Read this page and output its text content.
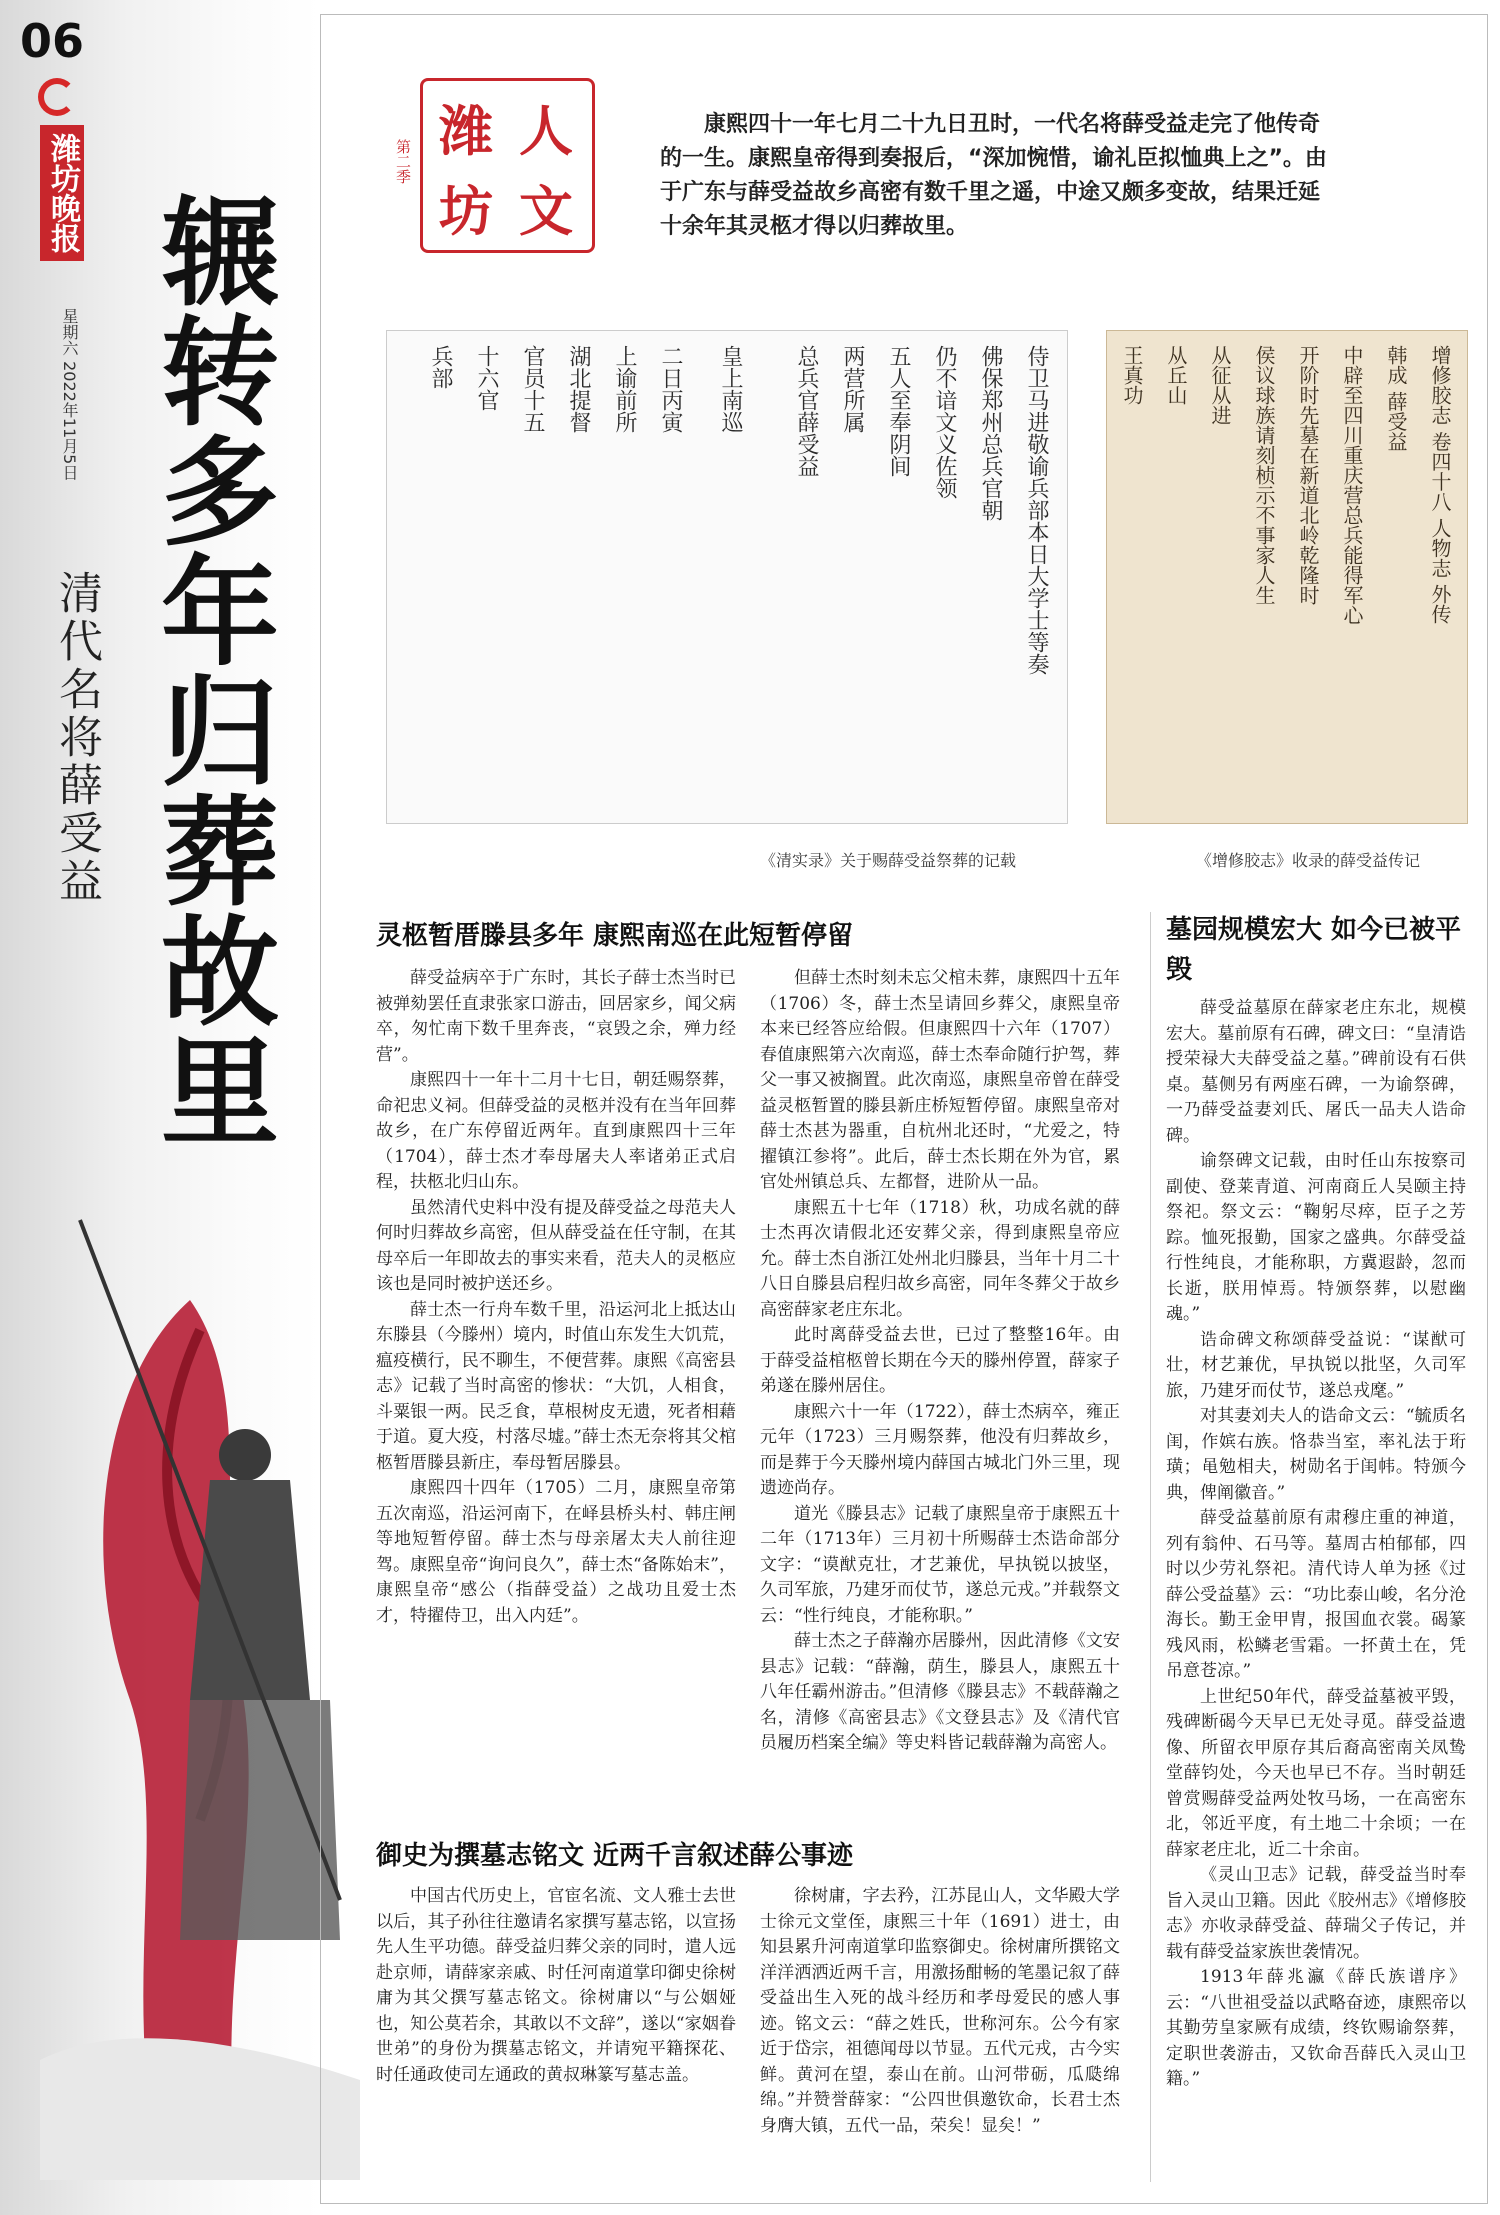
06
潍坊晚报
星期六 2022年11月5日 辗转多年归葬故里
清代名将薛受益
潍 人
坊 文
第二季
康熙四十一年七月二十九日丑时，一代名将薛受益走完了他传奇的一生。康熙皇帝得到奏报后，“深加惋惜，谕礼臣拟恤典上之”。由于广东与薛受益故乡高密有数千里之遥，中途又颇多变故，结果迁延十余年其灵柩才得以归葬故里。
侍卫马进敬谕兵部本日大学士等奏
佛保郑州总兵官朝
仍不谙文义佐领
五人至奉阴间
两营所属
总兵官薛受益
皇上南巡
二日丙寅
上谕前所
湖北提督
官员十五
十六官
兵部	增修胶志 卷四十八 人物志 外传
韩成 薛受益
中辟至四川重庆营总兵能得军心
开阶时先墓在新道北岭乾隆时
侯议球族请刻桢示不事家人生
从征从进
从丘山
王真功
《清实录》关于赐薛受益祭葬的记载	《增修胶志》收录的薛受益传记
灵柩暂厝滕县多年 康熙南巡在此短暂停留

薛受益病卒于广东时，其长子薛士杰当时已被弹劾罢任直隶张家口游击，回居家乡，闻父病卒，匆忙南下数千里奔丧，“哀毁之余，殚力经营”。

康熙四十一年十二月十七日，朝廷赐祭葬，命祀忠义祠。但薛受益的灵柩并没有在当年回葬故乡，在广东停留近两年。直到康熙四十三年（1704），薛士杰才奉母屠夫人率诸弟正式启程，扶柩北归山东。

虽然清代史料中没有提及薛受益之母范夫人何时归葬故乡高密，但从薛受益在任守制，在其母卒后一年即故去的事实来看，范夫人的灵柩应该也是同时被护送还乡。

薛士杰一行舟车数千里，沿运河北上抵达山东滕县（今滕州）境内，时值山东发生大饥荒，瘟疫横行，民不聊生，不便营葬。康熙《高密县志》记载了当时高密的惨状：“大饥，人相食，斗粟银一两。民乏食，草根树皮无遗，死者相藉于道。夏大疫，村落尽墟。”薛士杰无奈将其父棺柩暂厝滕县新庄，奉母暂居滕县。

康熙四十四年（1705）二月，康熙皇帝第五次南巡，沿运河南下，在峄县桥头村、韩庄闸等地短暂停留。薛士杰与母亲屠太夫人前往迎驾。康熙皇帝“询问良久”，薛士杰“备陈始末”，康熙皇帝“感公（指薛受益）之战功且爱士杰才，特擢侍卫，出入内廷”。

但薛士杰时刻未忘父棺未葬，康熙四十五年（1706）冬，薛士杰呈请回乡葬父，康熙皇帝本来已经答应给假。但康熙四十六年（1707）春值康熙第六次南巡，薛士杰奉命随行护驾，葬父一事又被搁置。此次南巡，康熙皇帝曾在薛受益灵柩暂置的滕县新庄桥短暂停留。康熙皇帝对薛士杰甚为器重，自杭州北还时，“尤爱之，特擢镇江参将”。此后，薛士杰长期在外为官，累官处州镇总兵、左都督，进阶从一品。

康熙五十七年（1718）秋，功成名就的薛士杰再次请假北还安葬父亲，得到康熙皇帝应允。薛士杰自浙江处州北归滕县，当年十月二十八日自滕县启程归故乡高密，同年冬葬父于故乡高密薛家老庄东北。

此时离薛受益去世，已过了整整16年。由于薛受益棺柩曾长期在今天的滕州停置，薛家子弟遂在滕州居住。

康熙六十一年（1722），薛士杰病卒，雍正元年（1723）三月赐祭葬，他没有归葬故乡，而是葬于今天滕州境内薛国古城北门外三里，现遗迹尚存。

道光《滕县志》记载了康熙皇帝于康熙五十二年（1713年）三月初十所赐薛士杰诰命部分文字：“谟猷克壮，才艺兼优，早执锐以披坚，久司军旅，乃建牙而仗节，遂总元戎。”并载祭文云：“性行纯良，才能称职。”

薛士杰之子薛瀚亦居滕州，因此清修《文安县志》记载：“薛瀚，荫生，滕县人，康熙五十八年任霸州游击。”但清修《滕县志》不载薛瀚之名，清修《高密县志》《文登县志》及《清代官员履历档案全编》等史料皆记载薛瀚为高密人。

御史为撰墓志铭文 近两千言叙述薛公事迹

中国古代历史上，官宦名流、文人雅士去世以后，其子孙往往邀请名家撰写墓志铭，以宣扬先人生平功德。薛受益归葬父亲的同时，遣人远赴京师，请薛家亲戚、时任河南道掌印御史徐树庸为其父撰写墓志铭文。徐树庸以“与公姻娅也，知公莫若余，其敢以不文辞”，遂以“家姻眷世弟”的身份为撰墓志铭文，并请宛平籍探花、时任通政使司左通政的黄叔琳篆写墓志盖。

徐树庸，字去矜，江苏昆山人，文华殿大学士徐元文堂侄，康熙三十年（1691）进士，由知县累升河南道掌印监察御史。徐树庸所撰铭文洋洋洒洒近两千言，用激扬酣畅的笔墨记叙了薛受益出生入死的战斗经历和孝母爱民的感人事迹。铭文云：“薛之姓氏，世称河东。公今有家近于岱宗，祖德闻母以节显。五代元戎，古今实鲜。黄河在望，泰山在前。山河带砺，瓜瓞绵绵。”并赞誉薛家：“公四世俱邀钦命，长君士杰身膺大镇，五代一品，荣矣！显矣！”

墓园规模宏大 如今已被平毁

薛受益墓原在薛家老庄东北，规模宏大。墓前原有石碑，碑文曰：“皇清诰授荣禄大夫薛受益之墓。”碑前设有石供桌。墓侧另有两座石碑，一为谕祭碑，一乃薛受益妻刘氏、屠氏一品夫人诰命碑。

谕祭碑文记载，由时任山东按察司副使、登莱青道、河南商丘人吴颐主持祭祀。祭文云：“鞠躬尽瘁，臣子之芳踪。恤死报勤，国家之盛典。尔薛受益行性纯良，才能称职，方冀遐龄，忽而长逝，朕用悼焉。特颁祭葬，以慰幽魂。”

诰命碑文称颂薛受益说：“谋猷可壮，材艺兼优，早执锐以批坚，久司军旅，乃建牙而仗节，遂总戎麾。”

对其妻刘夫人的诰命文云：“毓质名闺，作嫔右族。恪恭当室，率礼法于珩璜；黾勉相夫，树勋名于闺帏。特颁今典，俾阐徽音。”

薛受益墓前原有肃穆庄重的神道，列有翁仲、石马等。墓周古柏郁郁，四时以少劳礼祭祀。清代诗人单为拯《过薛公受益墓》云：“功比泰山峻，名分沧海长。勤王金甲胄，报国血衣裳。碣篆残风雨，松鳞老雪霜。一抔黄土在，凭吊意苍凉。”

上世纪50年代，薛受益墓被平毁，残碑断碣今天早已无处寻觅。薛受益遗像、所留衣甲原存其后裔高密南关凤鸷堂薛钧处，今天也早已不存。当时朝廷曾赏赐薛受益两处牧马场，一在高密东北，邻近平度，有土地二十余顷；一在薛家老庄北，近二十余亩。

《灵山卫志》记载，薛受益当时奉旨入灵山卫籍。因此《胶州志》《增修胶志》亦收录薛受益、薛瑞父子传记，并载有薛受益家族世袭情况。

1913年薛兆瀛《薛氏族谱序》云：“八世祖受益以武略奋迹，康熙帝以其勤劳皇家厥有成绩，终钦赐谕祭葬，定职世袭游击，又钦命吾薛氏入灵山卫籍。”
